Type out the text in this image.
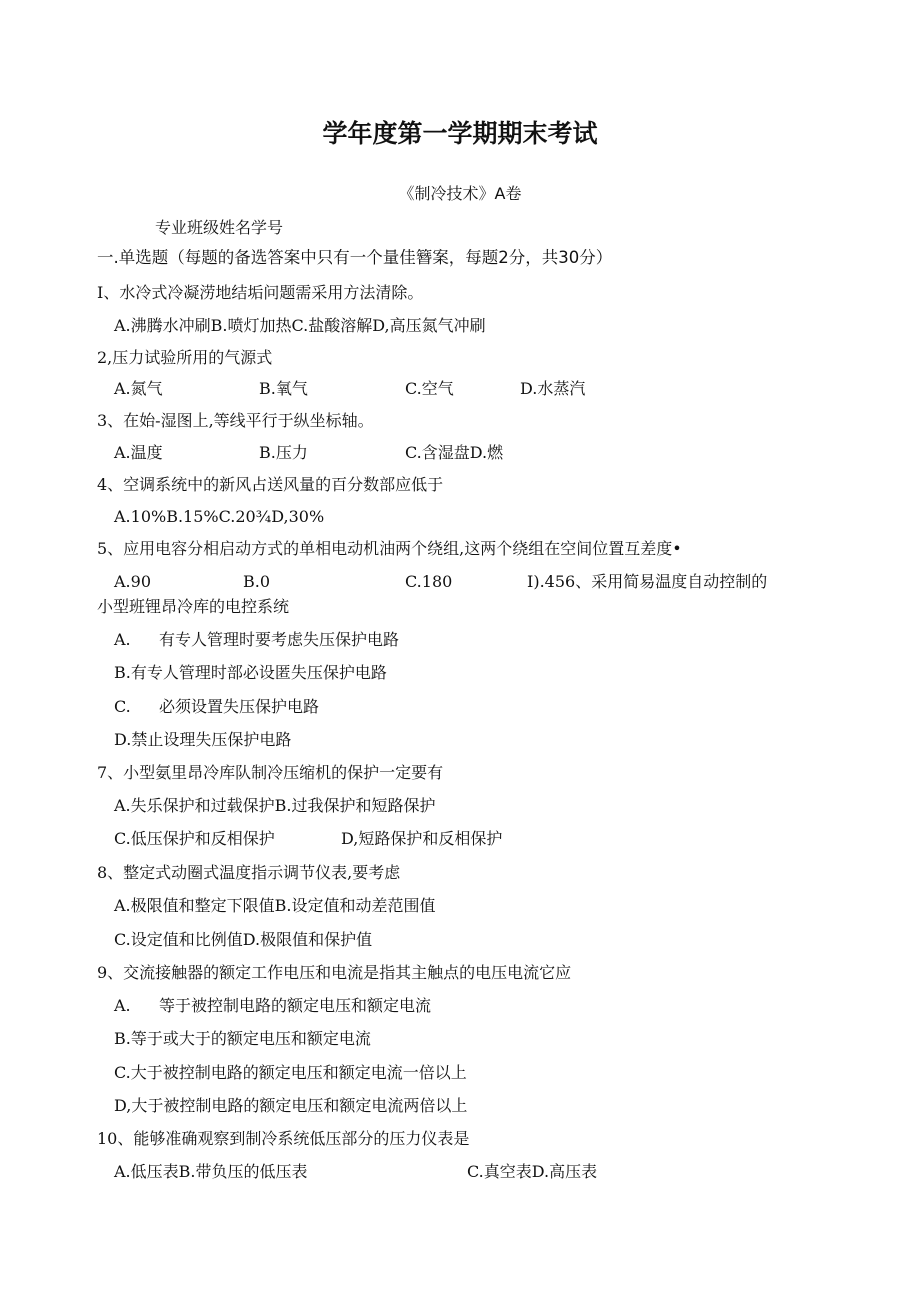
学年度第一学期期末考试
《制冷技术》A卷
专业班级姓名学号
一.单选题（每题的备选答案中只有一个量佳簪案，每题2分，共30分）
I、水冷式冷凝涝地结垢问题需采用方法清除。
A.沸腾水冲刷B.喷灯加热C.盐酸溶解D,高压氮气冲刷
2,压力试验所用的气源式
A.氮气	B.氧气	C.空气	D.水蒸汽
3、在始-湿图上,等线平行于纵坐标轴。
A.温度	B.压力	C.含湿盘D.燃
4、空调系统中的新风占送风量的百分数部应低于
A.10%B.15%C.20¾D,30%
5、应用电容分相启动方式的单相电动机油两个绕组,这两个绕组在空间位置互差度•
A.90	B.0	C.180	I).456、采用简易温度自动控制的
小型班锂昂冷库的电控系统
A. 有专人管理时要考虑失压保护电路
B.有专人管理时部必设匿失压保护电路
C. 必须设置失压保护电路
D.禁止设理失压保护电路
7、小型氨里昂冷库队制冷压缩机的保护一定要有
A.失乐保护和过载保护B.过我保护和短路保护
C.低压保护和反相保护	D,短路保护和反相保护
8、整定式动圈式温度指示调节仪表,要考虑
A.极限值和整定下限值B.设定值和动差范围值
C.设定值和比例值D.极限值和保护值
9、交流接触器的额定工作电压和电流是指其主触点的电压电流它应
A. 等于被控制电路的额定电压和额定电流
B.等于或大于的额定电压和额定电流
C.大于被控制电路的额定电压和额定电流一倍以上
D,大于被控制电路的额定电压和额定电流两倍以上
10、能够准确观察到制冷系统低压部分的压力仪表是
A.低压表B.带负压的低压表	C.真空表D.高压表
